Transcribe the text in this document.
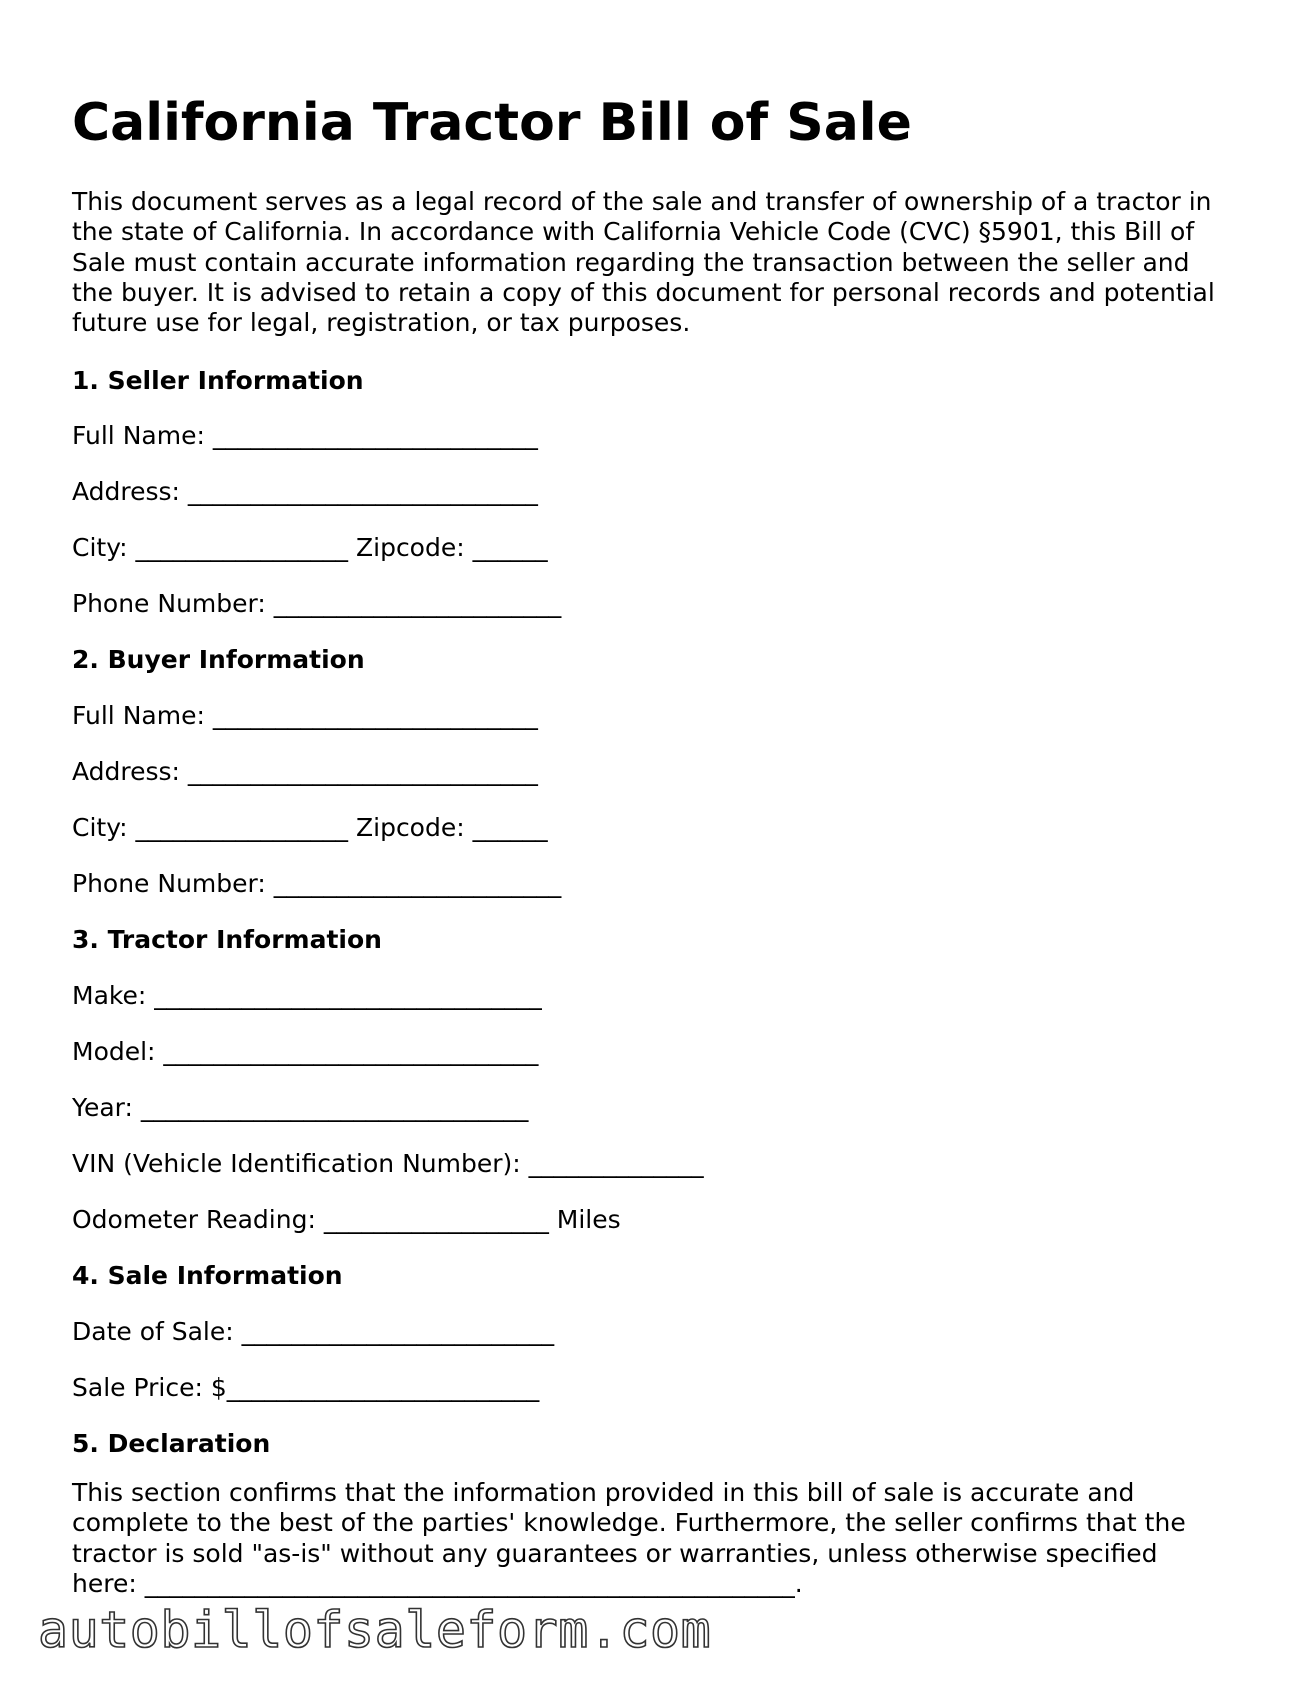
California Tractor Bill of Sale

This document serves as a legal record of the sale and transfer of ownership of a tractor in the state of California. In accordance with California Vehicle Code (CVC) §5901, this Bill of Sale must contain accurate information regarding the transaction between the seller and the buyer. It is advised to retain a copy of this document for personal records and potential future use for legal, registration, or tax purposes.

1. Seller Information

Full Name: __________________________

Address: ____________________________

City: _________________ Zipcode: ______

Phone Number: _______________________

2. Buyer Information

Full Name: __________________________

Address: ____________________________

City: _________________ Zipcode: ______

Phone Number: _______________________

3. Tractor Information

Make: _______________________________

Model: ______________________________

Year: _______________________________

VIN (Vehicle Identification Number): ______________

Odometer Reading: __________________ Miles

4. Sale Information

Date of Sale: _________________________

Sale Price: $_________________________

5. Declaration

This section confirms that the information provided in this bill of sale is accurate and complete to the best of the parties' knowledge. Furthermore, the seller confirms that the tractor is sold "as-is" without any guarantees or warranties, unless otherwise specified here: ____________________________________________________.

autobillofsaleform.com
